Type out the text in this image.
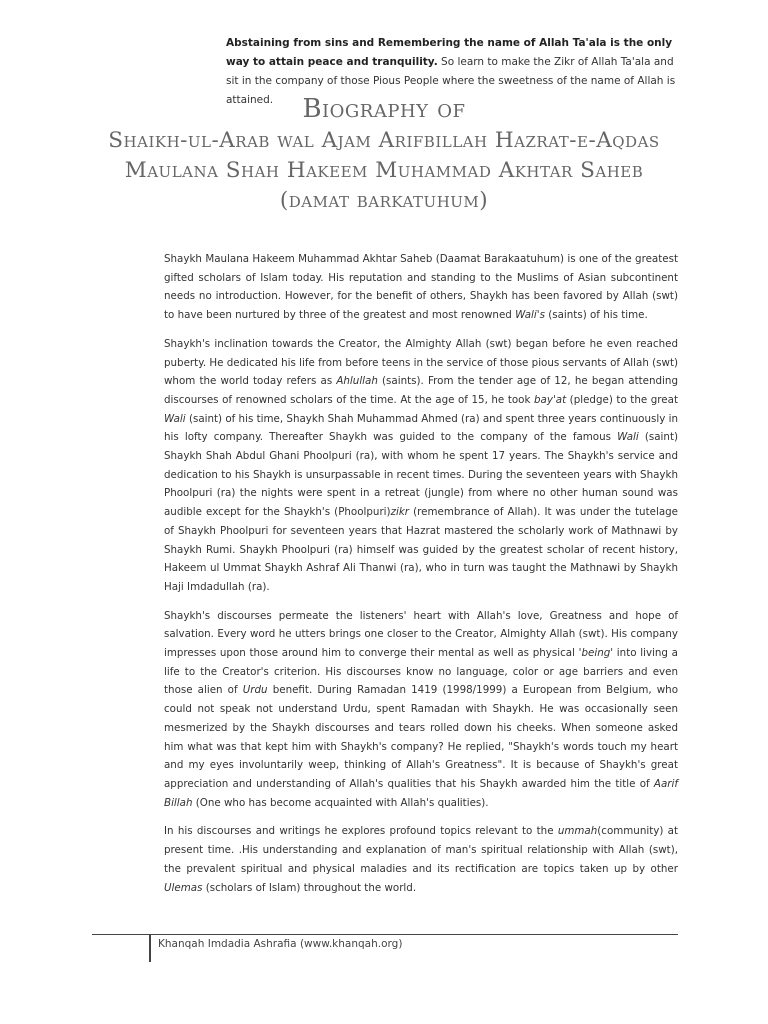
Abstaining from sins and Remembering the name of Allah Ta'ala is the only way to attain peace and tranquility. So learn to make the Zikr of Allah Ta'ala and sit in the company of those Pious People where the sweetness of the name of Allah is attained.	Biography of
Shaikh-ul-Arab wal Ajam Arifbillah Hazrat-e-Aqdas
Maulana Shah Hakeem Muhammad Akhtar Saheb
(damat barkatuhum)

Shaykh Maulana Hakeem Muhammad Akhtar Saheb (Daamat Barakaatuhum) is one of the greatest gifted scholars of Islam today. His reputation and standing to the Muslims of Asian subcontinent needs no introduction. However, for the benefit of others, Shaykh has been favored by Allah (swt) to have been nurtured by three of the greatest and most renowned Wali's (saints) of his time.

Shaykh's inclination towards the Creator, the Almighty Allah (swt) began before he even reached puberty. He dedicated his life from before teens in the service of those pious servants of Allah (swt) whom the world today refers as Ahlullah (saints). From the tender age of 12, he began attending discourses of renowned scholars of the time. At the age of 15, he took bay'at (pledge) to the great Wali (saint) of his time, Shaykh Shah Muhammad Ahmed (ra) and spent three years continuously in his lofty company. Thereafter Shaykh was guided to the company of the famous Wali (saint) Shaykh Shah Abdul Ghani Phoolpuri (ra), with whom he spent 17 years. The Shaykh's service and dedication to his Shaykh is unsurpassable in recent times. During the seventeen years with Shaykh Phoolpuri (ra) the nights were spent in a retreat (jungle) from where no other human sound was audible except for the Shaykh's (Phoolpuri)zikr (remembrance of Allah). It was under the tutelage of Shaykh Phoolpuri for seventeen years that Hazrat mastered the scholarly work of Mathnawi by Shaykh Rumi. Shaykh Phoolpuri (ra) himself was guided by the greatest scholar of recent history, Hakeem ul Ummat Shaykh Ashraf Ali Thanwi (ra), who in turn was taught the Mathnawi by Shaykh Haji Imdadullah (ra).

Shaykh's discourses permeate the listeners' heart with Allah's love, Greatness and hope of salvation. Every word he utters brings one closer to the Creator, Almighty Allah (swt). His company impresses upon those around him to converge their mental as well as physical 'being' into living a life to the Creator's criterion. His discourses know no language, color or age barriers and even those alien of Urdu benefit. During Ramadan 1419 (1998/1999) a European from Belgium, who could not speak not understand Urdu, spent Ramadan with Shaykh. He was occasionally seen mesmerized by the Shaykh discourses and tears rolled down his cheeks. When someone asked him what was that kept him with Shaykh's company? He replied, "Shaykh's words touch my heart and my eyes involuntarily weep, thinking of Allah's Greatness". It is because of Shaykh's great appreciation and understanding of Allah's qualities that his Shaykh awarded him the title of Aarif Billah (One who has become acquainted with Allah's qualities).

In his discourses and writings he explores profound topics relevant to the ummah(community) at present time. .His understanding and explanation of man's spiritual relationship with Allah (swt), the prevalent spiritual and physical maladies and its rectification are topics taken up by other Ulemas (scholars of Islam) throughout the world.

Khanqah Imdadia Ashrafia (www.khanqah.org)
